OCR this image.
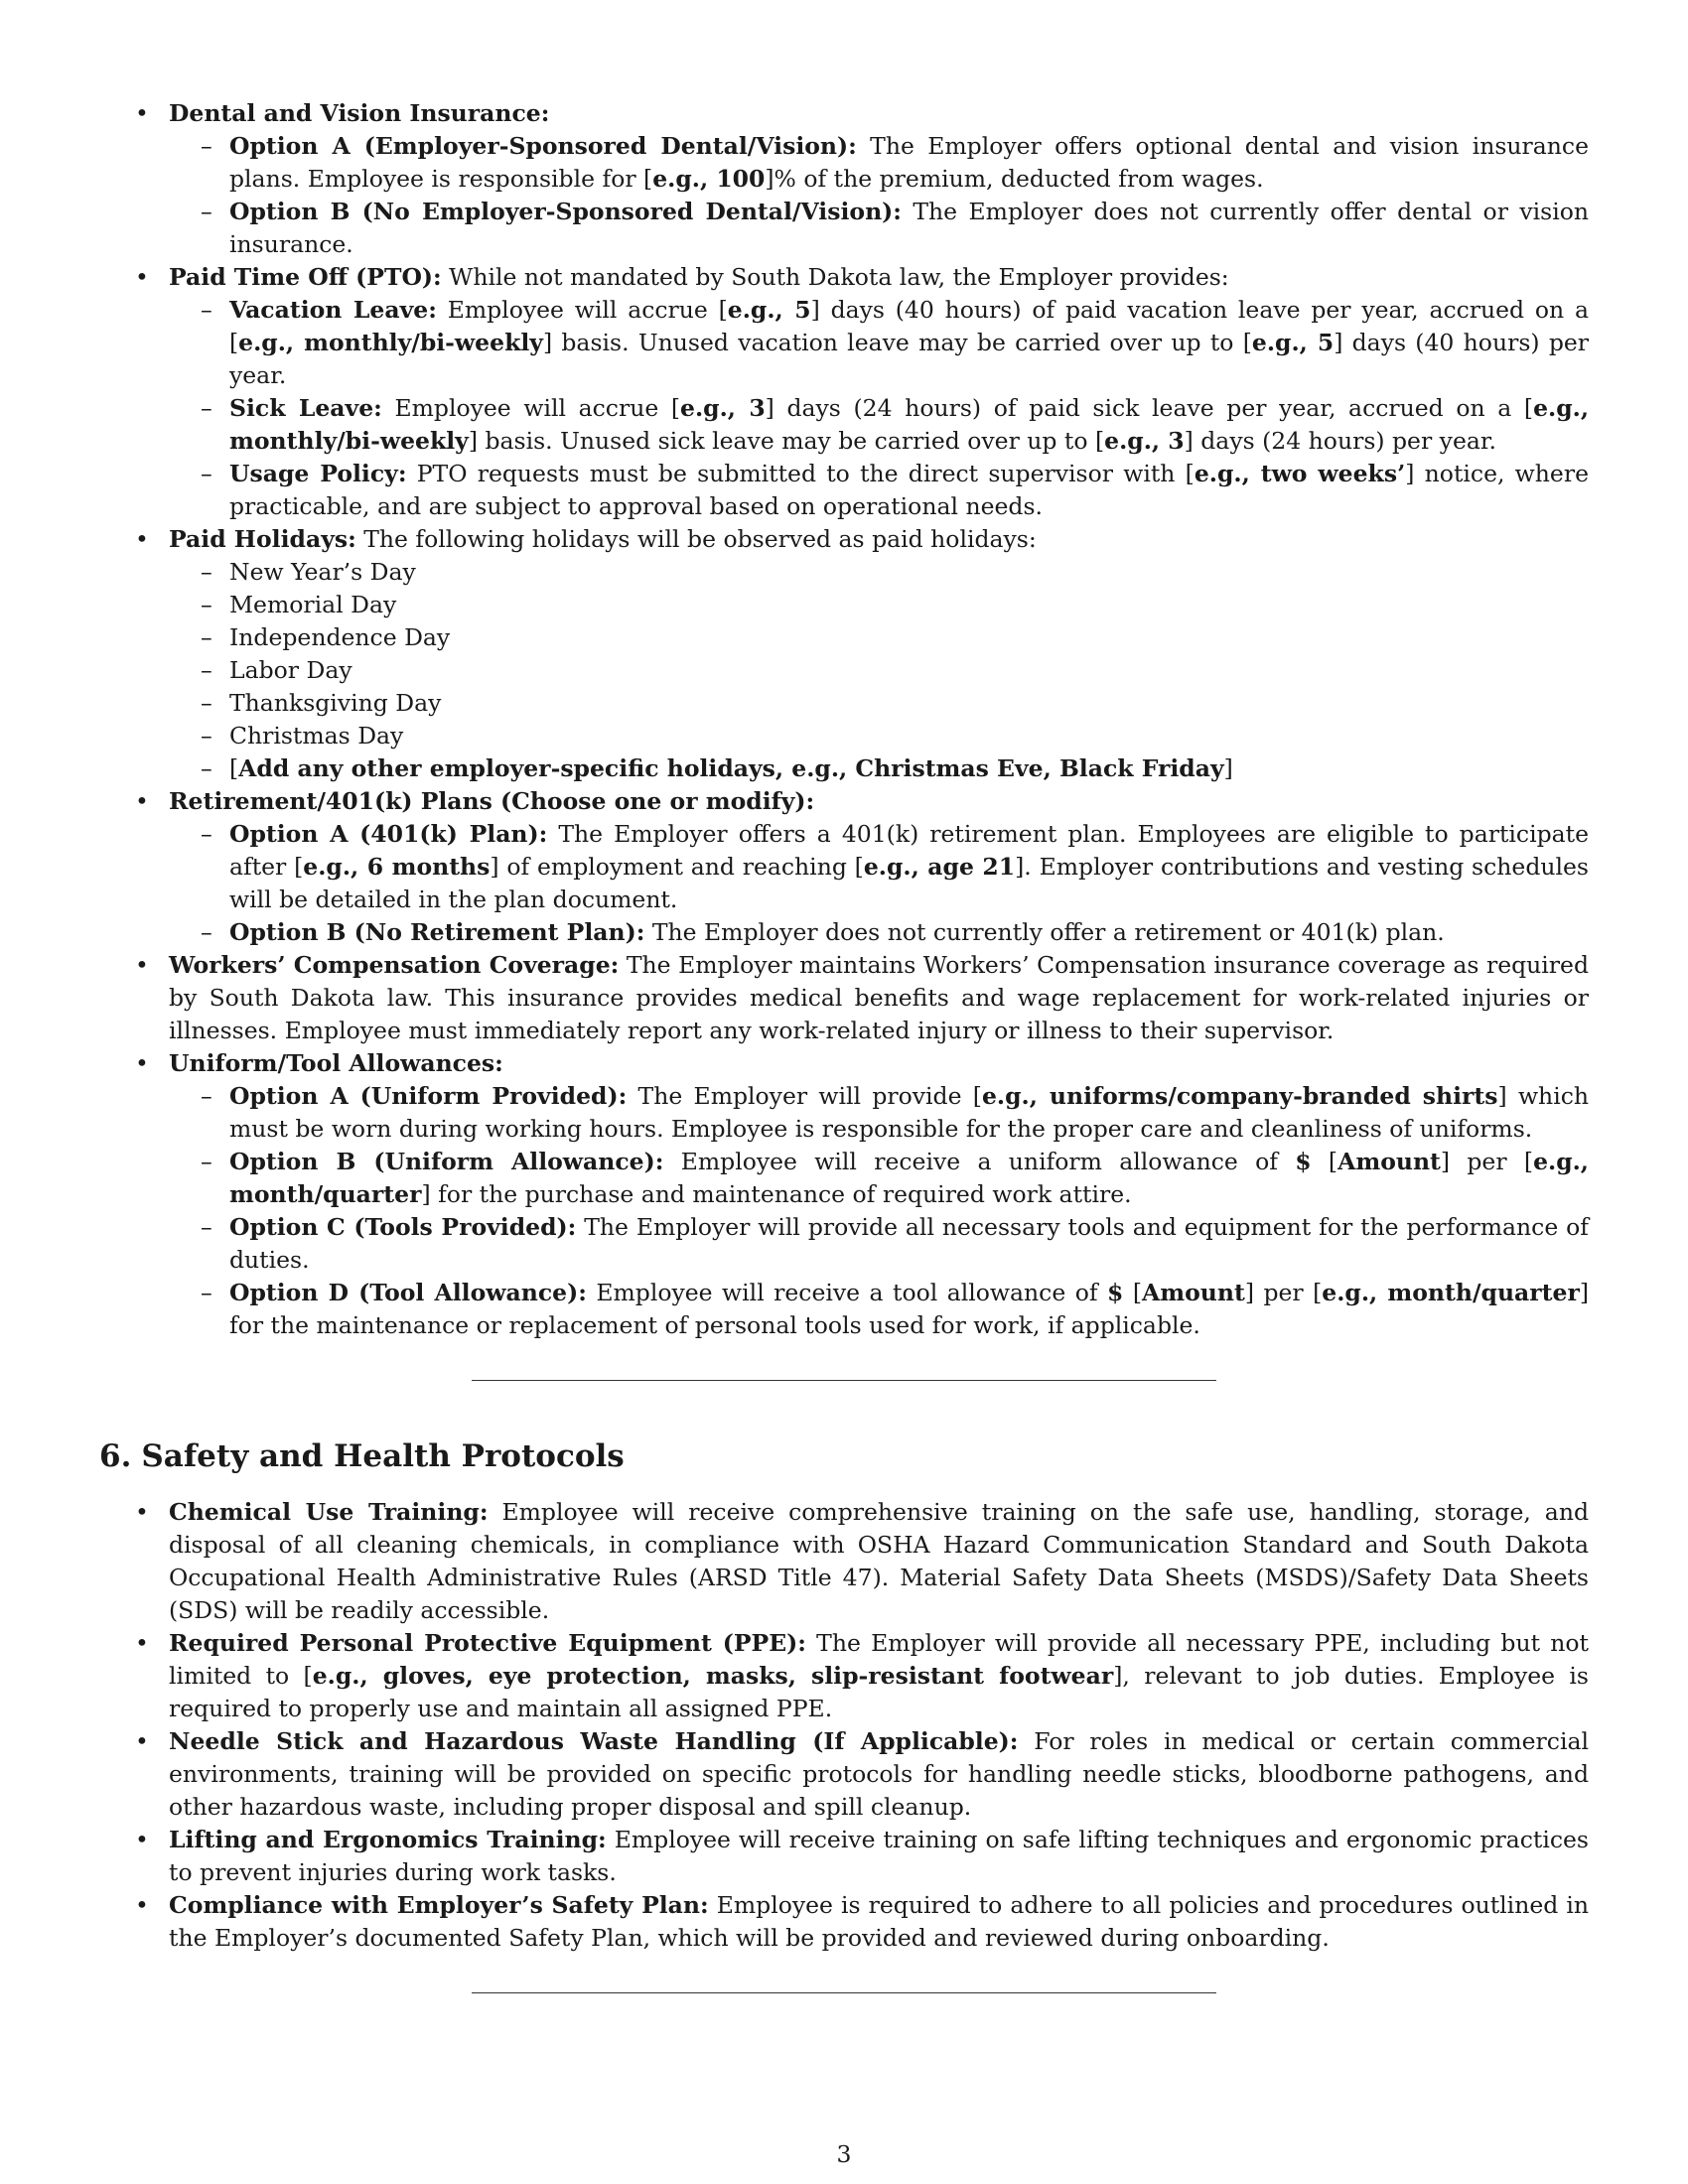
• Dental and Vision Insurance:
– Option A (Employer-Sponsored Dental/Vision): The Employer offers optional dental and vision insurance plans. Employee is responsible for [e.g., 100]% of the premium, deducted from wages.
– Option B (No Employer-Sponsored Dental/Vision): The Employer does not currently offer dental or vision insurance.
• Paid Time Off (PTO): While not mandated by South Dakota law, the Employer provides:
– Vacation Leave: Employee will accrue [e.g., 5] days (40 hours) of paid vacation leave per year, accrued on a [e.g., monthly/bi-weekly] basis. Unused vacation leave may be carried over up to [e.g., 5] days (40 hours) per year.
– Sick Leave: Employee will accrue [e.g., 3] days (24 hours) of paid sick leave per year, accrued on a [e.g., monthly/bi-weekly] basis. Unused sick leave may be carried over up to [e.g., 3] days (24 hours) per year.
– Usage Policy: PTO requests must be submitted to the direct supervisor with [e.g., two weeks’] notice, where practicable, and are subject to approval based on operational needs.
• Paid Holidays: The following holidays will be observed as paid holidays:
– New Year’s Day
– Memorial Day
– Independence Day
– Labor Day
– Thanksgiving Day
– Christmas Day
– [Add any other employer-specific holidays, e.g., Christmas Eve, Black Friday]
• Retirement/401(k) Plans (Choose one or modify):
– Option A (401(k) Plan): The Employer offers a 401(k) retirement plan. Employees are eligible to participate after [e.g., 6 months] of employment and reaching [e.g., age 21]. Employer contributions and vesting schedules will be detailed in the plan document.
– Option B (No Retirement Plan): The Employer does not currently offer a retirement or 401(k) plan.
• Workers’ Compensation Coverage: The Employer maintains Workers’ Compensation insurance coverage as required by South Dakota law. This insurance provides medical benefits and wage replacement for work-related injuries or illnesses. Employee must immediately report any work-related injury or illness to their supervisor.
• Uniform/Tool Allowances:
– Option A (Uniform Provided): The Employer will provide [e.g., uniforms/company-branded shirts] which must be worn during working hours. Employee is responsible for the proper care and cleanliness of uniforms.
– Option B (Uniform Allowance): Employee will receive a uniform allowance of $ [Amount] per [e.g., month/quarter] for the purchase and maintenance of required work attire.
– Option C (Tools Provided): The Employer will provide all necessary tools and equipment for the performance of duties.
– Option D (Tool Allowance): Employee will receive a tool allowance of $ [Amount] per [e.g., month/quarter] for the maintenance or replacement of personal tools used for work, if applicable.
6. Safety and Health Protocols
• Chemical Use Training: Employee will receive comprehensive training on the safe use, handling, storage, and disposal of all cleaning chemicals, in compliance with OSHA Hazard Communication Standard and South Dakota Occupational Health Administrative Rules (ARSD Title 47). Material Safety Data Sheets (MSDS)/Safety Data Sheets (SDS) will be readily accessible.
• Required Personal Protective Equipment (PPE): The Employer will provide all necessary PPE, including but not limited to [e.g., gloves, eye protection, masks, slip-resistant footwear], relevant to job duties. Employee is required to properly use and maintain all assigned PPE.
• Needle Stick and Hazardous Waste Handling (If Applicable): For roles in medical or certain commercial environments, training will be provided on specific protocols for handling needle sticks, bloodborne pathogens, and other hazardous waste, including proper disposal and spill cleanup.
• Lifting and Ergonomics Training: Employee will receive training on safe lifting techniques and ergonomic practices to prevent injuries during work tasks.
• Compliance with Employer’s Safety Plan: Employee is required to adhere to all policies and procedures outlined in the Employer’s documented Safety Plan, which will be provided and reviewed during onboarding.
3
